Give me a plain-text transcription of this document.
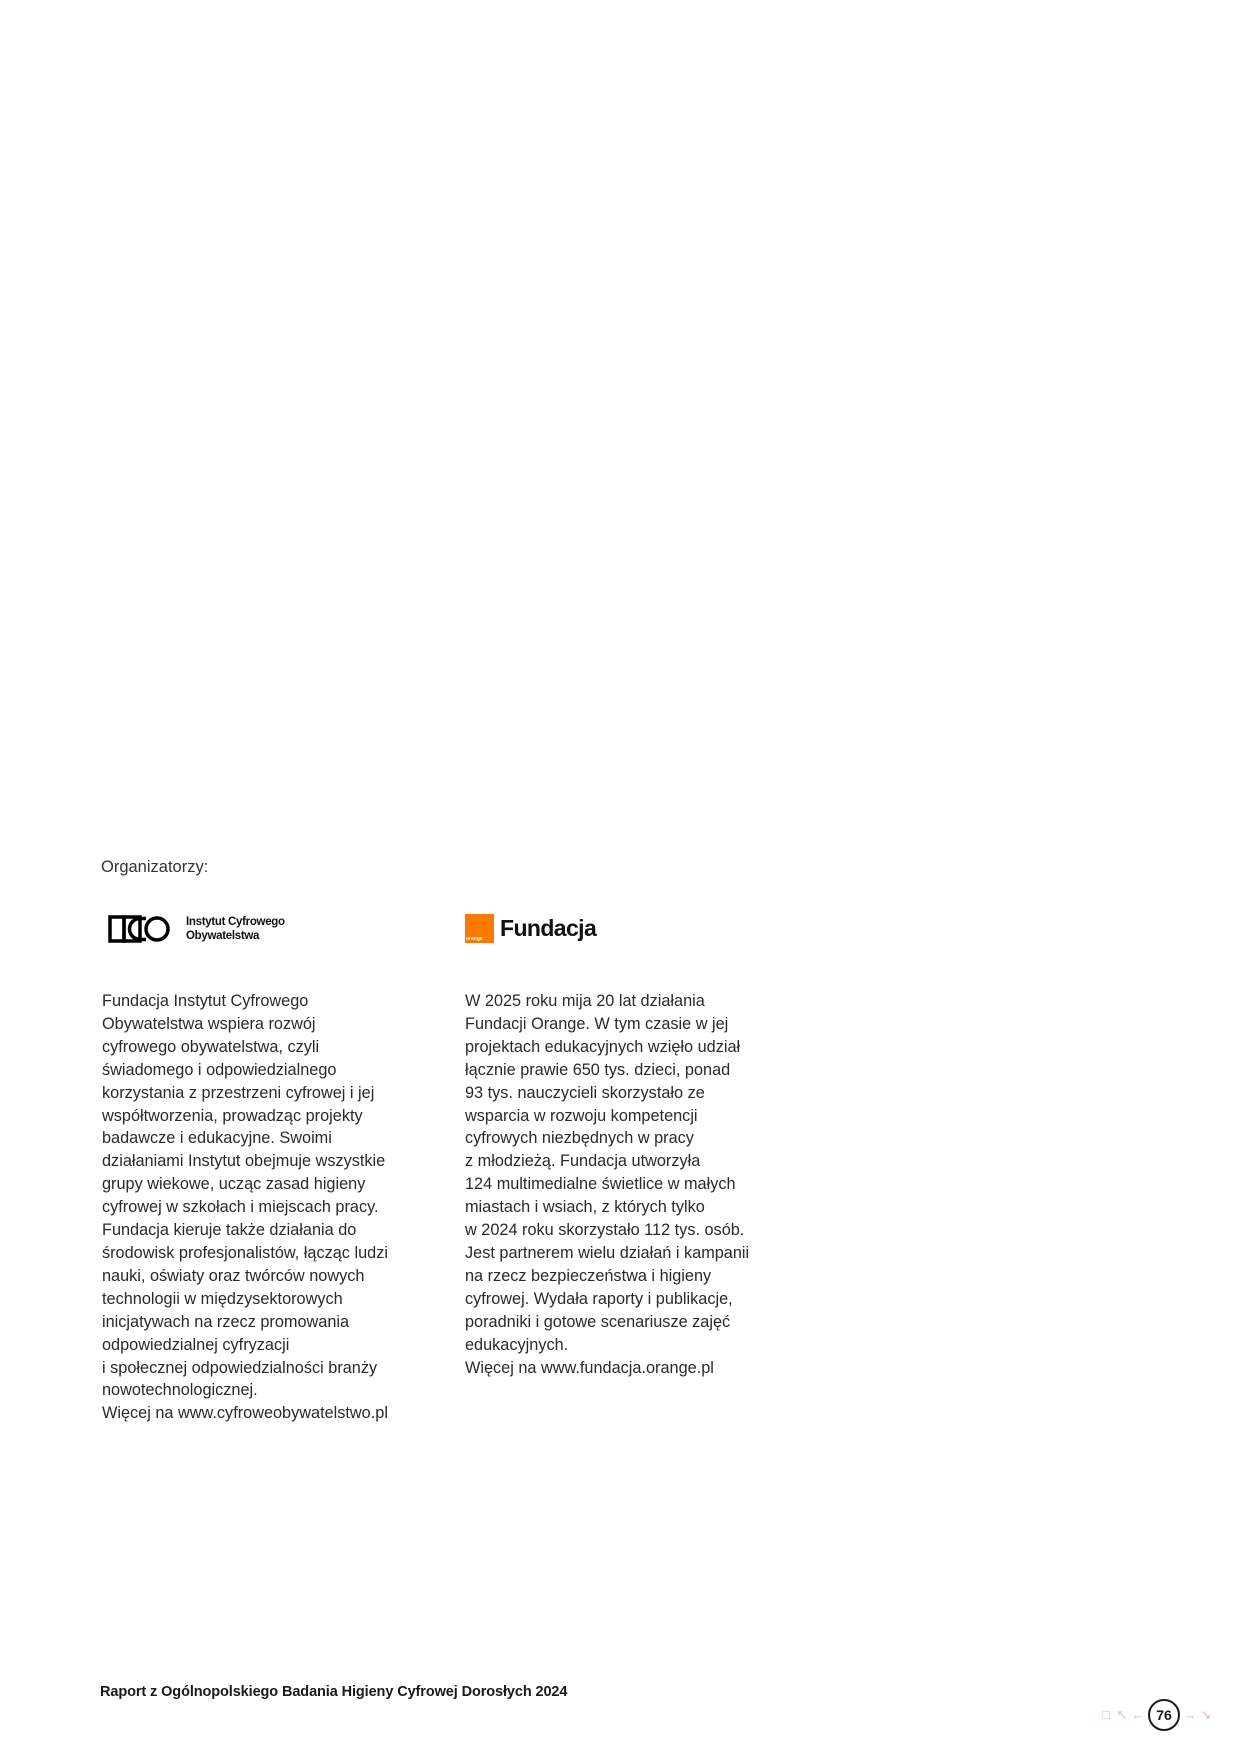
Organizatorzy:
Instytut Cyfrowego
Obywatelstwa	orange Fundacja
Fundacja Instytut Cyfrowego
Obywatelstwa wspiera rozwój
cyfrowego obywatelstwa, czyli
świadomego i odpowiedzialnego
korzystania z przestrzeni cyfrowej i jej
współtworzenia, prowadząc projekty
badawcze i edukacyjne. Swoimi
działaniami Instytut obejmuje wszystkie
grupy wiekowe, ucząc zasad higieny
cyfrowej w szkołach i miejscach pracy.
Fundacja kieruje także działania do
środowisk profesjonalistów, łącząc ludzi
nauki, oświaty oraz twórców nowych
technologii w międzysektorowych
inicjatywach na rzecz promowania
odpowiedzialnej cyfryzacji
i społecznej odpowiedzialności branży
nowotechnologicznej.
Więcej na www.cyfroweobywatelstwo.pl
W 2025 roku mija 20 lat działania
Fundacji Orange. W tym czasie w jej
projektach edukacyjnych wzięło udział
łącznie prawie 650 tys. dzieci, ponad
93 tys. nauczycieli skorzystało ze
wsparcia w rozwoju kompetencji
cyfrowych niezbędnych w pracy
z młodzieżą. Fundacja utworzyła
124 multimedialne świetlice w małych
miastach i wsiach, z których tylko
w 2024 roku skorzystało 112 tys. osób.
Jest partnerem wielu działań i kampanii
na rzecz bezpieczeństwa i higieny
cyfrowej. Wydała raporty i publikacje,
poradniki i gotowe scenariusze zajęć
edukacyjnych.
Więcej na www.fundacja.orange.pl
Raport z Ogólnopolskiego Badania Higieny Cyfrowej Dorosłych 2024
□ ↖ ← 76 → ↘
